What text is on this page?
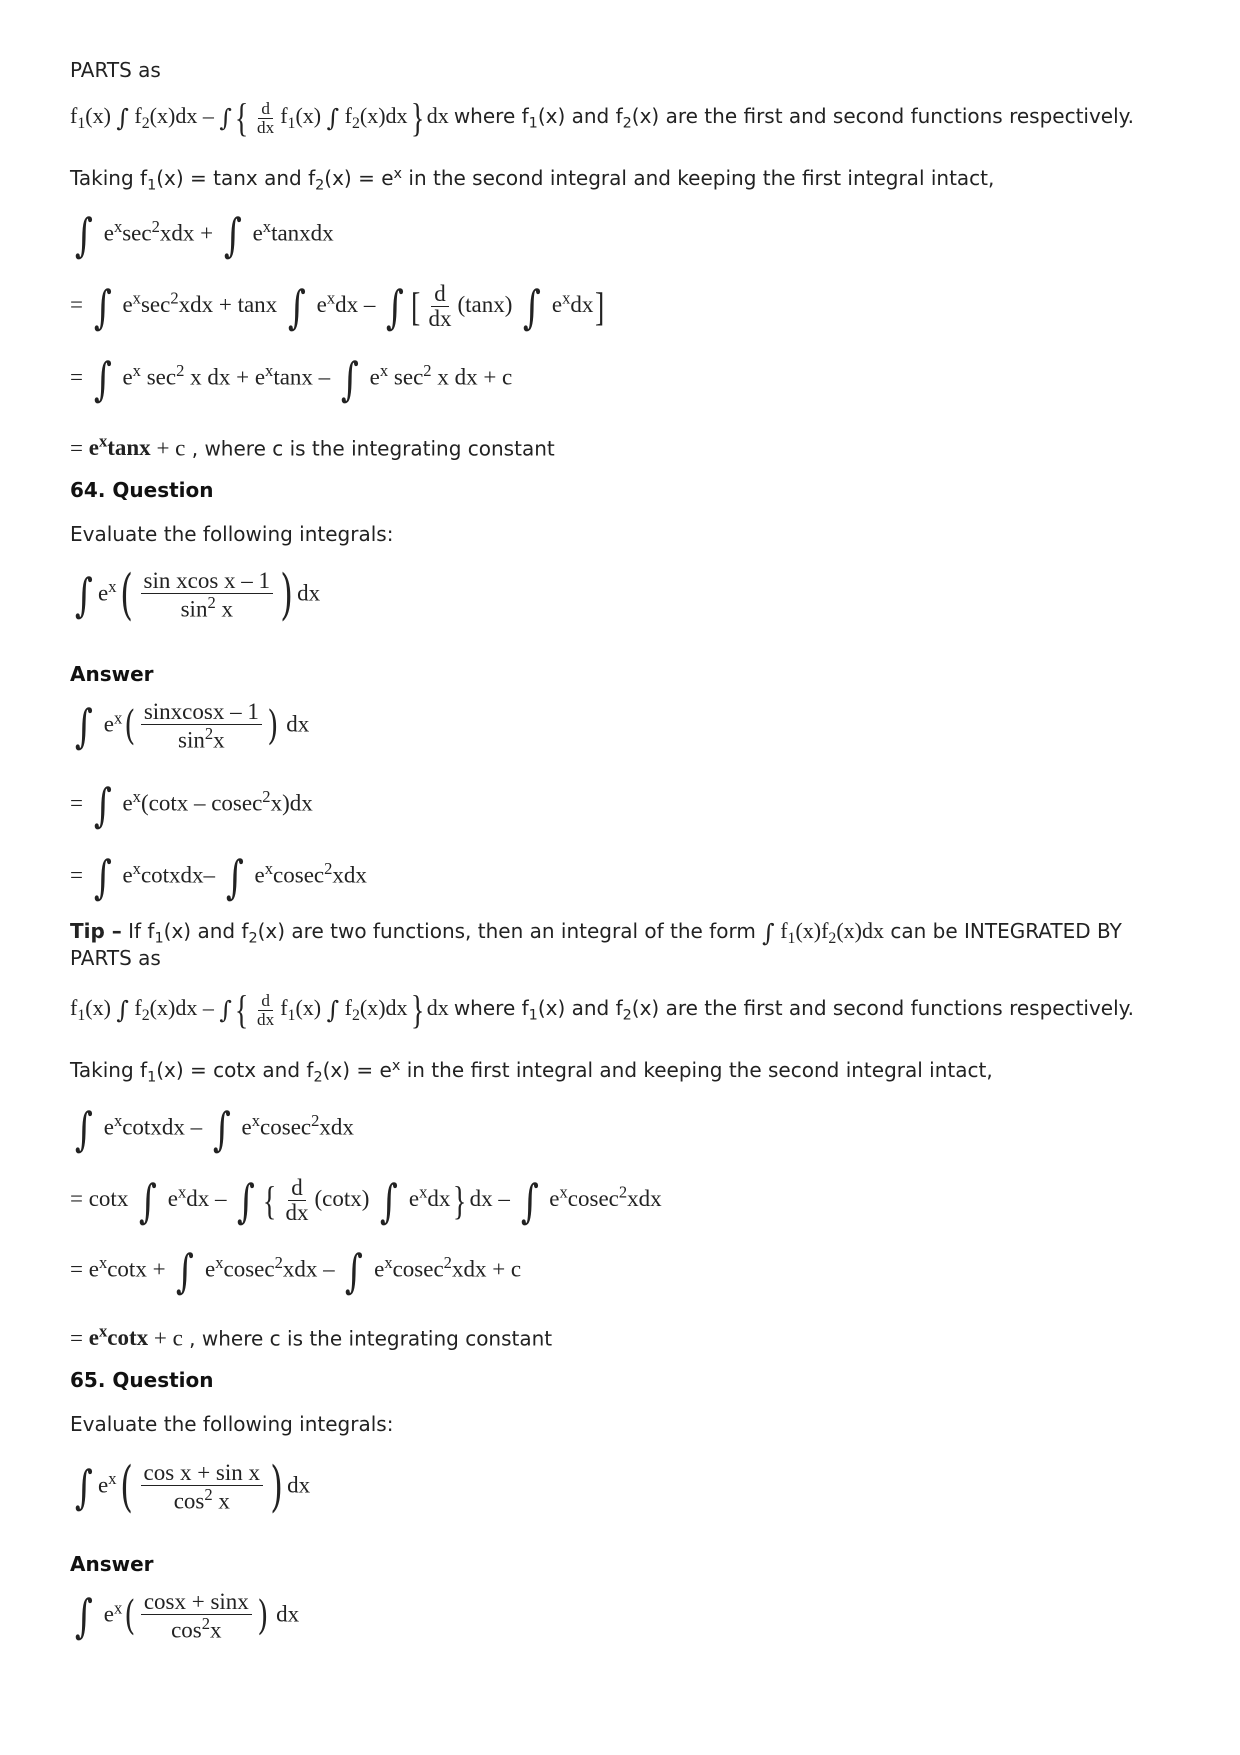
PARTS as
$f_1(x)$ ∫ $f_2(x)dx$ – ∫{ $\frac{d}{dx} f_1(x)$ ∫ $f_2(x)dx$} dx where $f_1(x)$ and $f_2(x)$ are the first and second functions respectively.
Taking $f_1(x) = \tan x$ and $f_2(x) = e^x$ in the second integral and keeping the first integral intact,
∫ $e^x\sec^2xdx$ + ∫ $e^xtanxdx$
= ∫ $e^x\sec^2xdx + \tan x$ ∫ $e^xdx$ – ∫ [ $\frac{d}{dx} (\tan x)$ ∫ $e^xdx$]
= ∫ $e^x$ $\sec^2 x$ dx + $e^x\tan x$ – ∫ $e^x$ $\sec^2 x$ dx + c
= $e^x\tan x + c$ , where c is the integrating constant
64. Question
Evaluate the following integrals:
∫ $e^x( \frac{\text{sin xcos x – 1}}{\sin^2 x}$ ) dx
Answer
∫ $e^x( \frac{\text{sinxcosx – 1}}{\sin^2x}$ ) dx
= ∫ $e^x(\cot x - cosec^2x)dx$
= ∫ $e^xcotxdx-$ ∫ $e^xcosec^2xdx$
Tip – If $f_1(x)$ and $f_2(x)$ are two functions, then an integral of the form ∫ $f_1(x)f_2(x)dx$ can be INTEGRATED BY
PARTS as
$f_1(x)$ ∫ $f_2(x)dx$ – ∫{ $\frac{d}{dx} f_1(x)$ ∫ $f_2(x)dx$} dx where $f_1(x)$ and $f_2(x)$ are the first and second functions respectively.
Taking $f_1(x) = \cot x$ and $f_2(x) = e^x$ in the first integral and keeping the second integral intact,
∫ $e^xcotxdx$ – ∫ $e^xcosec^2xdx$
= cotx ∫ $e^xdx$ – ∫ { $\frac{d}{dx} (\cot x)$ ∫ $e^xdx$} dx – ∫ $e^xcosec^2xdx$
= $e^x\cot x$ + ∫ $e^xcosec^2xdx$ – ∫ $e^xcosec^2xdx + c$
= $e^x\cot x + c$ , where c is the integrating constant
65. Question
Evaluate the following integrals:
∫ $e^x( \frac{\text{cos x + sin x}}{\cos^2 x}$ ) dx
Answer
∫ $e^x( \frac{\cos x + \sin x}{\cos^2x}$ ) dx
